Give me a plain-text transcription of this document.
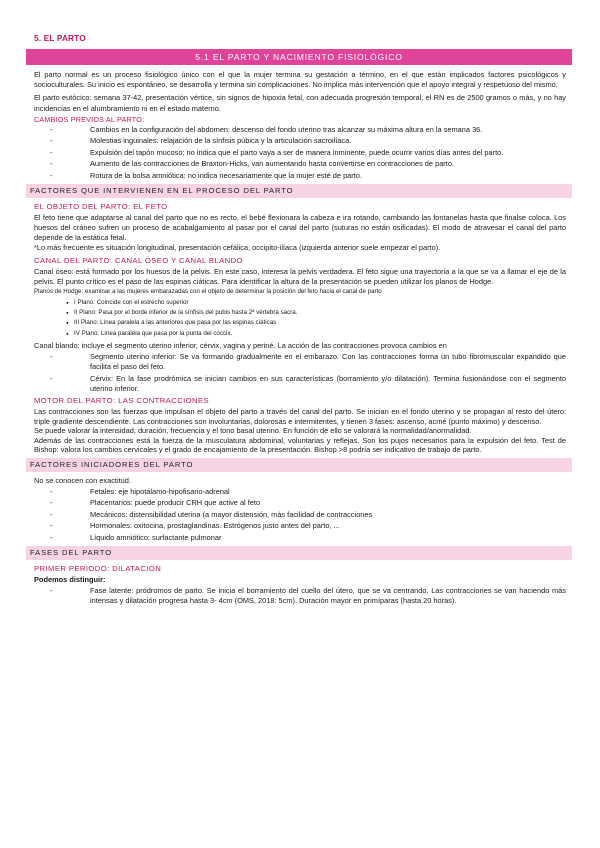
5. EL PARTO
5.1 EL PARTO Y NACIMIENTO FISIOLÓGICO

El parto normal es un proceso fisiológico único con el que la mujer termina su gestación a término, en el que están implicados factores psicológicos y socioculturales. Su inicio es espontáneo, se desarrolla y termina sin complicaciones. No implica más intervención que el apoyo integral y respetuoso del mismo.

El parto eutócico: semana 37-42, presentación vértice, sin signos de hipoxia fetal, con adecuada progresión temporal, el RN es de 2500 gramos o más, y no hay incidencias en el alumbramiento ni en el estado materno.

CAMBIOS PREVIOS AL PARTO:
- Cambios en la configuración del abdomen: descenso del fondo uterino tras alcanzar su máxima altura en la semana 36.
- Molestias inguinales: relajación de la sínfisis púbica y la articulación sacroilíaca.
- Expulsión del tapón mucoso; no indica que el parto vaya a ser de manera inminente, puede ocurrir varios días antes del parto.
- Aumento de las contracciones de Braxton-Hicks, van aumentando hasta convertirse en contracciones de parto.
- Rotura de la bolsa amniótica: no indica necesariamente que la mujer esté de parto.
FACTORES QUE INTERVIENEN EN EL PROCESO DEL PARTO
EL OBJETO DEL PARTO: EL FETO

El feto tiene que adaptarse al canal del parto que no es recto, el bebé flexionara la cabeza e ira rotando, cambiando las fontanelas hasta que finalse coloca. Los huesos del cráneo sufren un proceso de acabalgamiento al pasar por el canal del parto (suturas no están osificadas). El modo de atravesar el canal del parto depende de la estática fetal.

*Lo más frecuente es situación longitudinal, presentación cefálica, occipito-ilíaca (izquierda anterior suele empezar el parto).

CANAL DEL PARTO: CANAL ÓSEO Y CANAL BLANDO

Canal óseo: está formado por los huesos de la pelvis. En este caso, interesa la pelvis verdadera. El feto sigue una trayectoria a la que se va a llamar el eje de la pelvis. El punto crítico es el paso de las espinas ciáticas. Para identificar la altura de la presentación se pueden utilizar los planos de Hodge.

Planos de Hodge: examinar a las mujeres embarazadas con el objeto de determinar la posición del feto hacia el canal de parto

● I Plano: Coincide con el estrecho superior
● II Plano: Pasa por el borde inferior de la sínfisis del pubis hasta 2ª vértebra sacra.
● III Plano: Línea paralela a las anteriores que pasa por las espinas ciáticas
● IV Plano: Línea paralela que pasa por la punta del cóccix.

Canal blando: incluye el segmento uterino inferior, cérvix, vagina y periné. La acción de las contracciones provoca cambios en

- Segmento uterino inferior: Se va formando gradualmente en el embarazo. Con las contracciones forma un tubo fibromuscular expandido que facilita el paso del feto.
- Cérvix: En la fase prodrómica se inician cambios en sus características (borramiento y/o dilatación). Termina fusionándose con el segmento uterino inferior.
MOTOR DEL PARTO: LAS CONTRACCIONES

Las contracciones son las fuerzas que impulsan el objeto del parto a través del canal del parto. Se inician en el fondo uterino y se propagan al resto del útero: triple gradiente descendiente. Las contracciones son involuntarias, dolorosas e intermitentes, y tienen 3 fases: ascenso, acmé (punto máximo) y descenso.

Se puede valorar la intensidad, duración, frecuencia y el tono basal uterino. En función de ello se valorará la normalidad/anormalidad.

Además de las contracciones está la fuerza de la musculatura abdominal, voluntarias y reflejas. Son los pujos necesarios para la expulsión del feto. Test de Bishop: valora los cambios cervicales y el grado de encajamiento de la presentación. Bishop >8 podría ser indicativo de trabajo de parto.

FACTORES INICIADORES DEL PARTO

No se conocen con exactitud.

- Fetales: eje hipotálamo-hipofisario-adrenal
- Placentarios: puede producir CRH que active al feto
- Mecánicos: distensibilidad uterina (a mayor distensión, más facilidad de contracciones
- Hormonales: oxitocina, prostaglandinas. Estrógenos justo antes del parto, ...
- Líquido amniótico: surfactante pulmonar
FASES DEL PARTO
PRIMER PERIODO: DILATACIÓN

Podemos distinguir:

- Fase latente: pródromos de parto. Se inicia el borramiento del cuello del útero, que se va centrando. Las contracciones se van haciendo más intensas y dilatación progresa hasta 3- 4cm (OMS, 2018: 5cm). Duración mayor en primíparas (hasta 20 horas).
